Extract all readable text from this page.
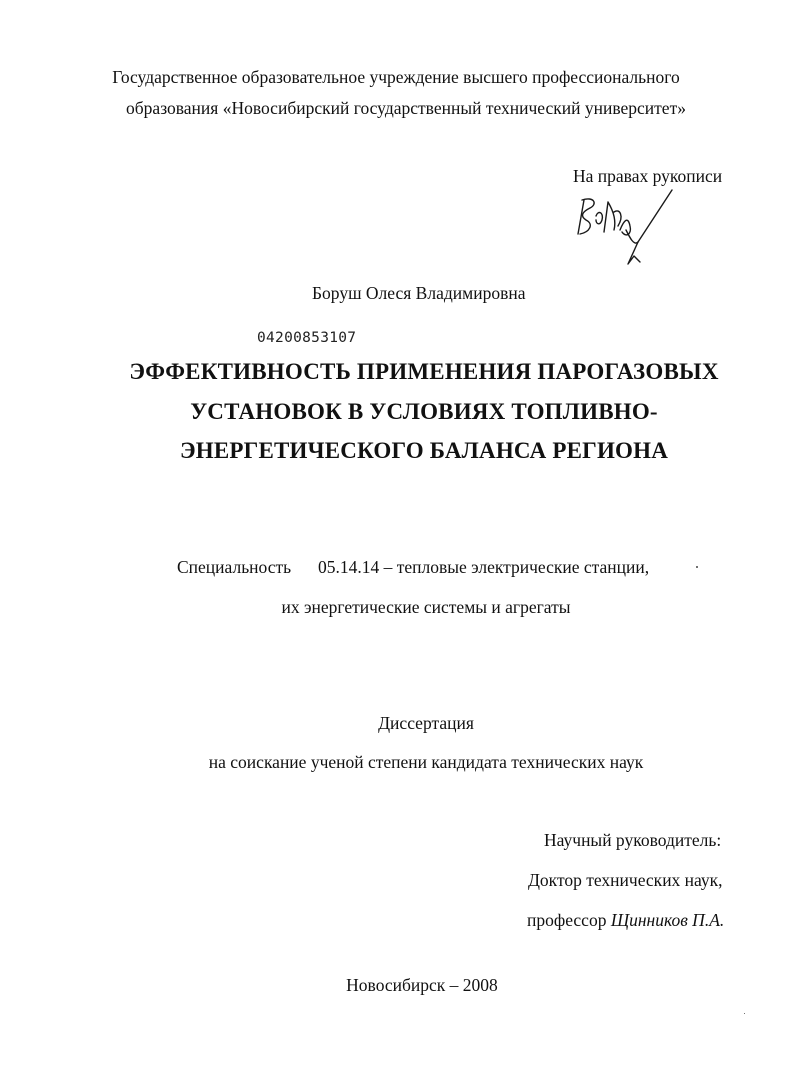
Государственное образовательное учреждение высшего профессионального
образования «Новосибирский государственный технический университет»
На правах рукописи
Боруш Олеся Владимировна
04200853107
ЭФФЕКТИВНОСТЬ ПРИМЕНЕНИЯ ПАРОГАЗОВЫХ
УСТАНОВОК В УСЛОВИЯХ ТОПЛИВНО-
ЭНЕРГЕТИЧЕСКОГО БАЛАНСА РЕГИОНА
Специальность 05.14.14 – тепловые электрические станции,
их энергетические системы и агрегаты
Диссертация
на соискание ученой степени кандидата технических наук
Научный руководитель:
Доктор технических наук,
профессор Щинников П.А.
Новосибирск – 2008
